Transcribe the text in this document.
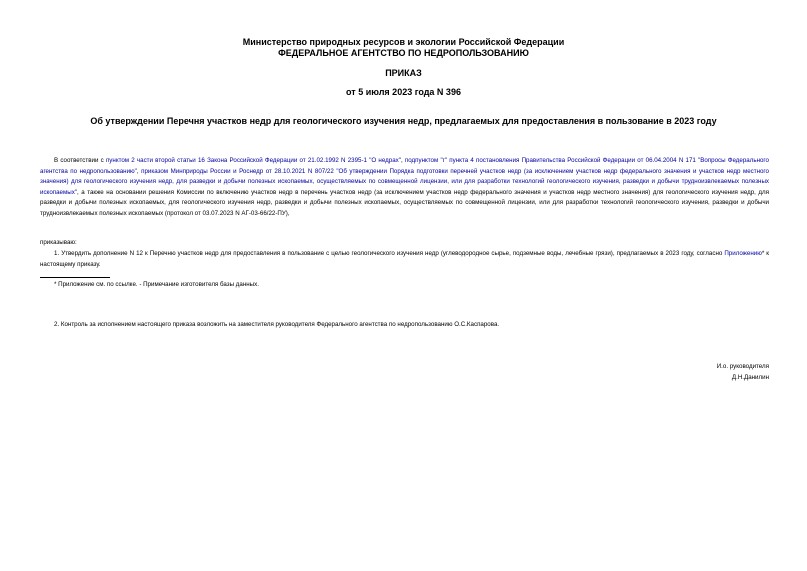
Министерство природных ресурсов и экологии Российской Федерации
ФЕДЕРАЛЬНОЕ АГЕНТСТВО ПО НЕДРОПОЛЬЗОВАНИЮ
ПРИКАЗ
от 5 июля 2023 года N 396
Об утверждении Перечня участков недр для геологического изучения недр, предлагаемых для предоставления в пользование в 2023 году
В соответствии с пунктом 2 части второй статьи 16 Закона Российской Федерации от 21.02.1992 N 2395-1 "О недрах", подпунктом "г" пункта 4 постановления Правительства Российской Федерации от 06.04.2004 N 171 "Вопросы Федерального агентства по недропользованию", приказом Минприроды России и Роснедр от 28.10.2021 N 807/22 "Об утверждении Порядка подготовки перечней участков недр (за исключением участков недр федерального значения и участков недр местного значения) для геологического изучения недр, для разведки и добычи полезных ископаемых, осуществляемых по совмещенной лицензии, или для разработки технологий геологического изучения, разведки и добычи трудноизвлекаемых полезных ископаемых", а также на основании решения Комиссии по включению участков недр в перечень участков недр (за исключением участков недр федерального значения и участков недр местного значения) для геологического изучения недр, для разведки и добычи полезных ископаемых, для геологического изучения недр, разведки и добычи полезных ископаемых, осуществляемых по совмещенной лицензии, или для разработки технологий геологического изучения, разведки и добычи трудноизвлекаемых полезных ископаемых (протокол от 03.07.2023 N АГ-03-66/22-ПУ),
приказываю:
1. Утвердить дополнение N 12 к Перечню участков недр для предоставления в пользование с целью геологического изучения недр (углеводородное сырье, подземные воды, лечебные грязи), предлагаемых в 2023 году, согласно Приложению* к настоящему приказу.
* Приложение см. по ссылке. - Примечание изготовителя базы данных.
2. Контроль за исполнением настоящего приказа возложить на заместителя руководителя Федерального агентства по недропользованию О.С.Каспарова.
И.о. руководителя
Д.Н.Данилин
